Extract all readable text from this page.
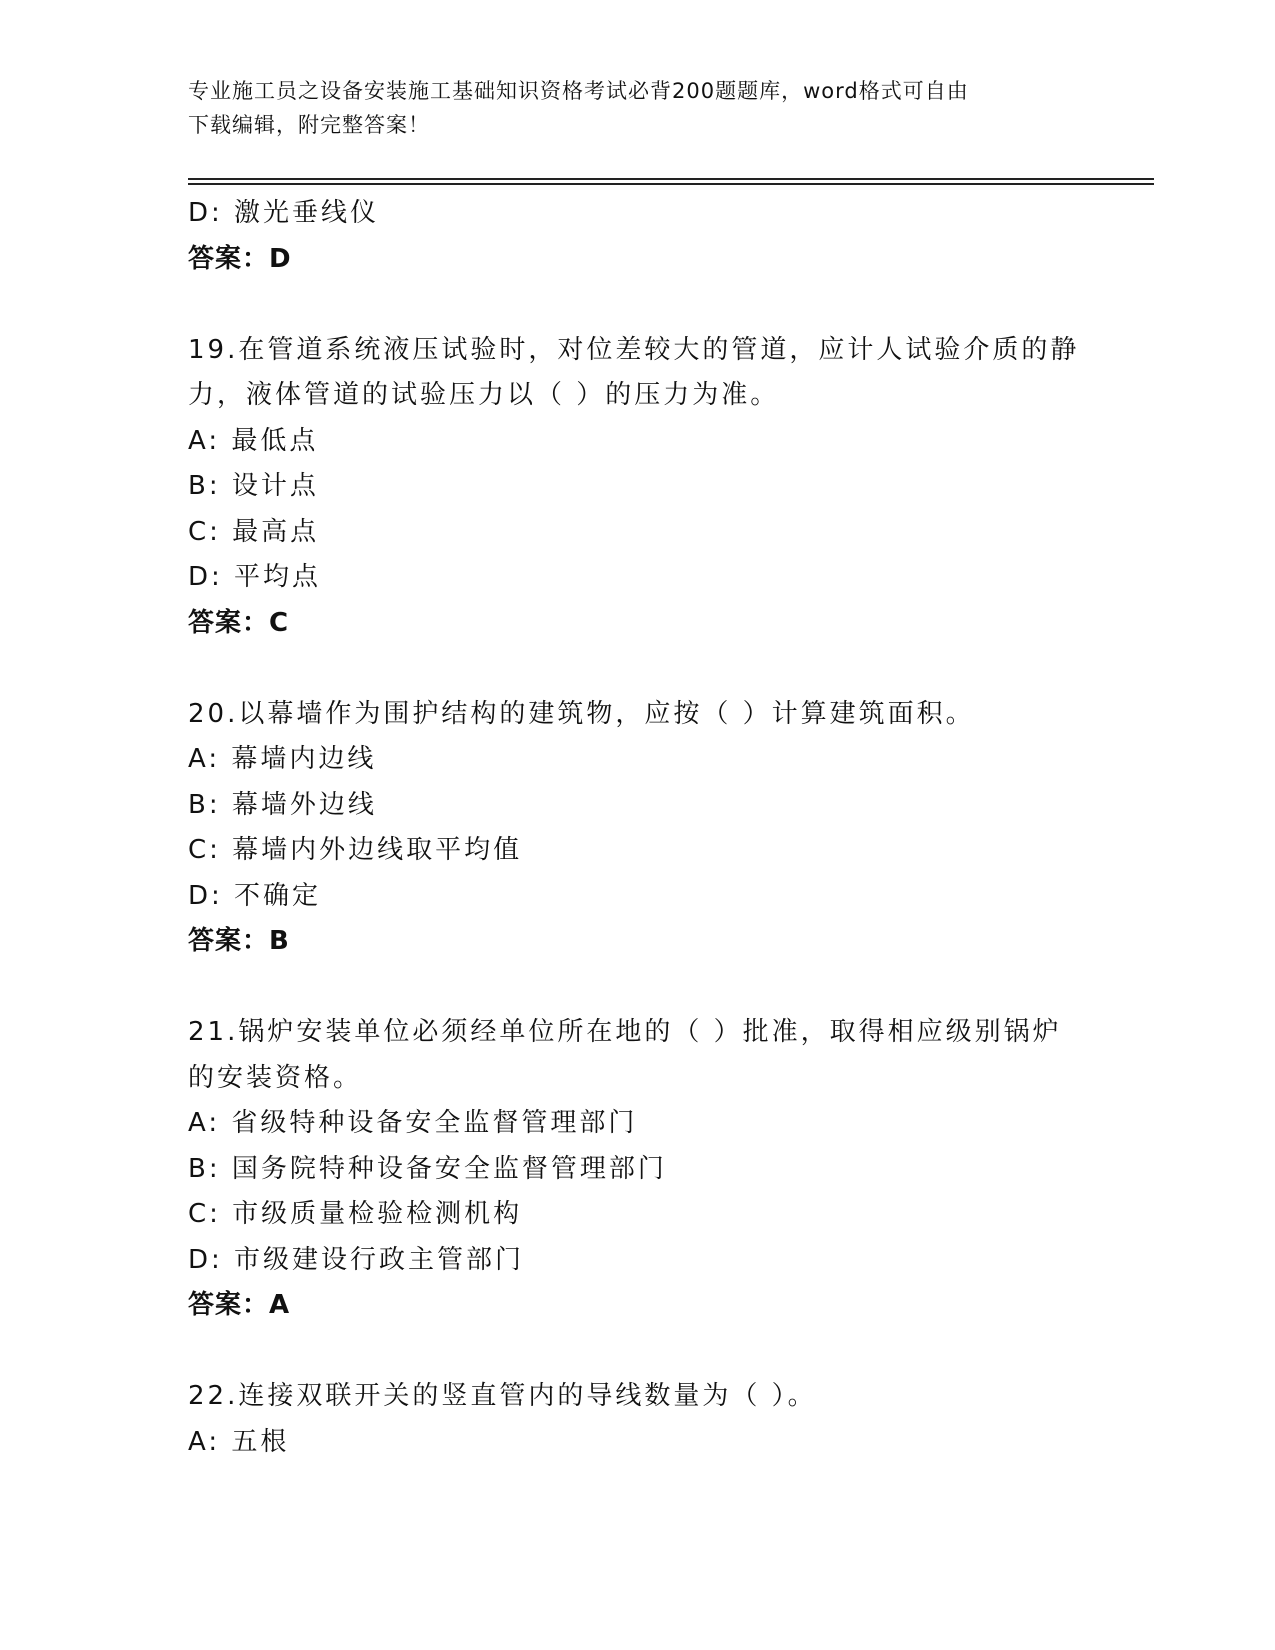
专业施工员之设备安装施工基础知识资格考试必背200题题库，word格式可自由
下载编辑，附完整答案！
D: 激光垂线仪
答案：D
19.在管道系统液压试验时，对位差较大的管道，应计人试验介质的静
力，液体管道的试验压力以（ ）的压力为准。
A: 最低点
B: 设计点
C: 最高点
D: 平均点
答案：C
20.以幕墙作为围护结构的建筑物，应按（ ）计算建筑面积。
A: 幕墙内边线
B: 幕墙外边线
C: 幕墙内外边线取平均值
D: 不确定
答案：B
21.锅炉安装单位必须经单位所在地的（ ）批准，取得相应级别锅炉
的安装资格。
A: 省级特种设备安全监督管理部门
B: 国务院特种设备安全监督管理部门
C: 市级质量检验检测机构
D: 市级建设行政主管部门
答案：A
22.连接双联开关的竖直管内的导线数量为（ ）。
A: 五根
